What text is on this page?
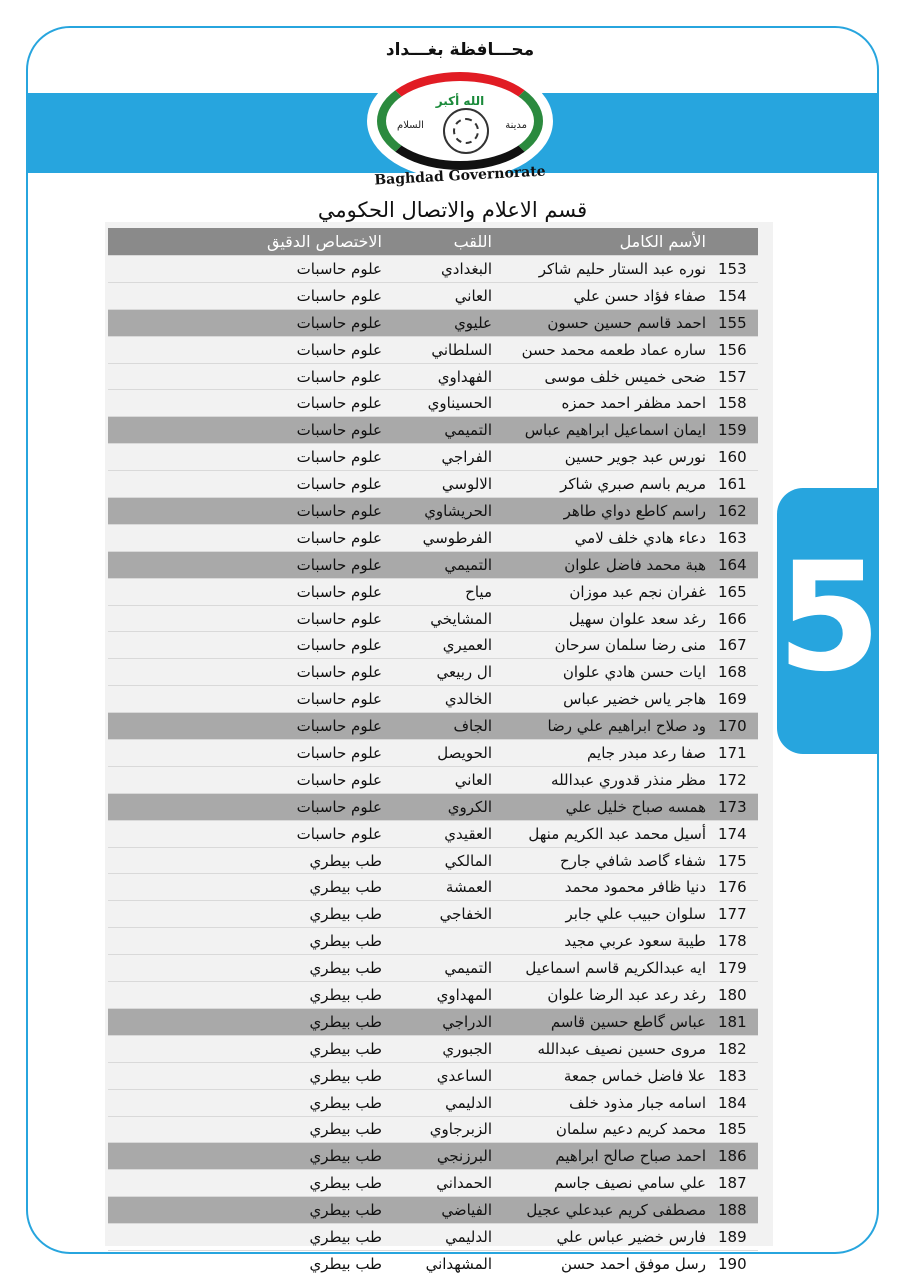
محـــافظة بغـــداد
الله أكبر
مدينة
السلام
Baghdad Governorate
قسم الاعلام والاتصال الحكومي
	الأسم الكامل	اللقب	الاختصاص الدقيق
153	نوره عبد الستار حليم شاكر	البغدادي	علوم حاسبات
154	صفاء فؤاد حسن علي	العاني	علوم حاسبات
155	احمد قاسم حسين حسون	عليوي	علوم حاسبات
156	ساره عماد طعمه محمد حسن	السلطاني	علوم حاسبات
157	ضحى خميس خلف موسى	الفهداوي	علوم حاسبات
158	احمد مظفر احمد حمزه	الحسيناوي	علوم حاسبات
159	ايمان اسماعيل ابراهيم عباس	التميمي	علوم حاسبات
160	نورس عبد جوير حسين	الفراجي	علوم حاسبات
161	مريم باسم صبري شاكر	الالوسي	علوم حاسبات
162	راسم كاطع دواي طاهر	الحريشاوي	علوم حاسبات
163	دعاء هادي خلف لامي	الفرطوسي	علوم حاسبات
164	هبة محمد فاضل علوان	التميمي	علوم حاسبات
165	غفران نجم عبد موزان	مياح	علوم حاسبات
166	رغد سعد علوان سهيل	المشايخي	علوم حاسبات
167	منى رضا سلمان سرحان	العميري	علوم حاسبات
168	ايات حسن هادي علوان	ال ربيعي	علوم حاسبات
169	هاجر ياس خضير عباس	الخالدي	علوم حاسبات
170	ود صلاح ابراهيم علي رضا	الجاف	علوم حاسبات
171	صفا رعد مبدر جايم	الحويصل	علوم حاسبات
172	مظر منذر قدوري عبدالله	العاني	علوم حاسبات
173	همسه صباح خليل علي	الكروي	علوم حاسبات
174	أسيل محمد عبد الكريم منهل	العقيدي	علوم حاسبات
175	شفاء گاصد شافي جارح	المالكي	طب بيطري
176	دنيا ظافر محمود محمد	العمشة	طب بيطري
177	سلوان حبيب علي جابر	الخفاجي	طب بيطري
178	طيبة سعود عربي مجيد		طب بيطري
179	ايه عبدالكريم قاسم اسماعيل	التميمي	طب بيطري
180	رغد رعد عبد الرضا علوان	المهداوي	طب بيطري
181	عباس گاطع حسين قاسم	الدراجي	طب بيطري
182	مروى حسين نصيف عبدالله	الجبوري	طب بيطري
183	علا فاضل خماس جمعة	الساعدي	طب بيطري
184	اسامه جبار مذود خلف	الدليمي	طب بيطري
185	محمد كريم دعيم سلمان	الزبرجاوي	طب بيطري
186	احمد صباح صالح ابراهيم	البرزنجي	طب بيطري
187	علي سامي نصيف جاسم	الحمداني	طب بيطري
188	مصطفى كريم عبدعلي عجيل	الفياضي	طب بيطري
189	فارس خضير عباس علي	الدليمي	طب بيطري
190	رسل موفق احمد حسن	المشهداني	طب بيطري
5
